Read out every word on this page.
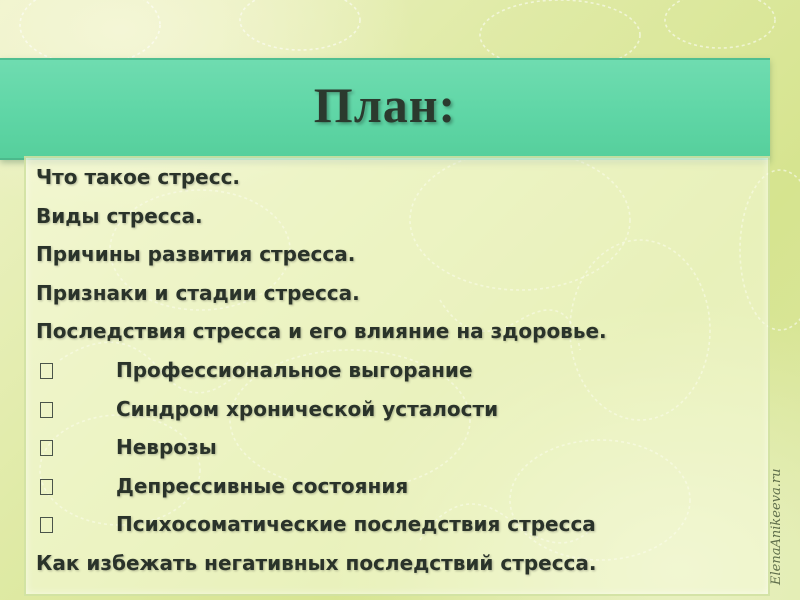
План:
Что такое стресс.
Виды стресса.
Причины развития стресса.
Признаки и стадии стресса.
Последствия стресса и его влияние на здоровье.
Профессиональное выгорание
Синдром хронической усталости
Неврозы
Депрессивные состояния
Психосоматические последствия стресса
Как избежать негативных последствий стресса.	ElenaAnikeeva.ru
